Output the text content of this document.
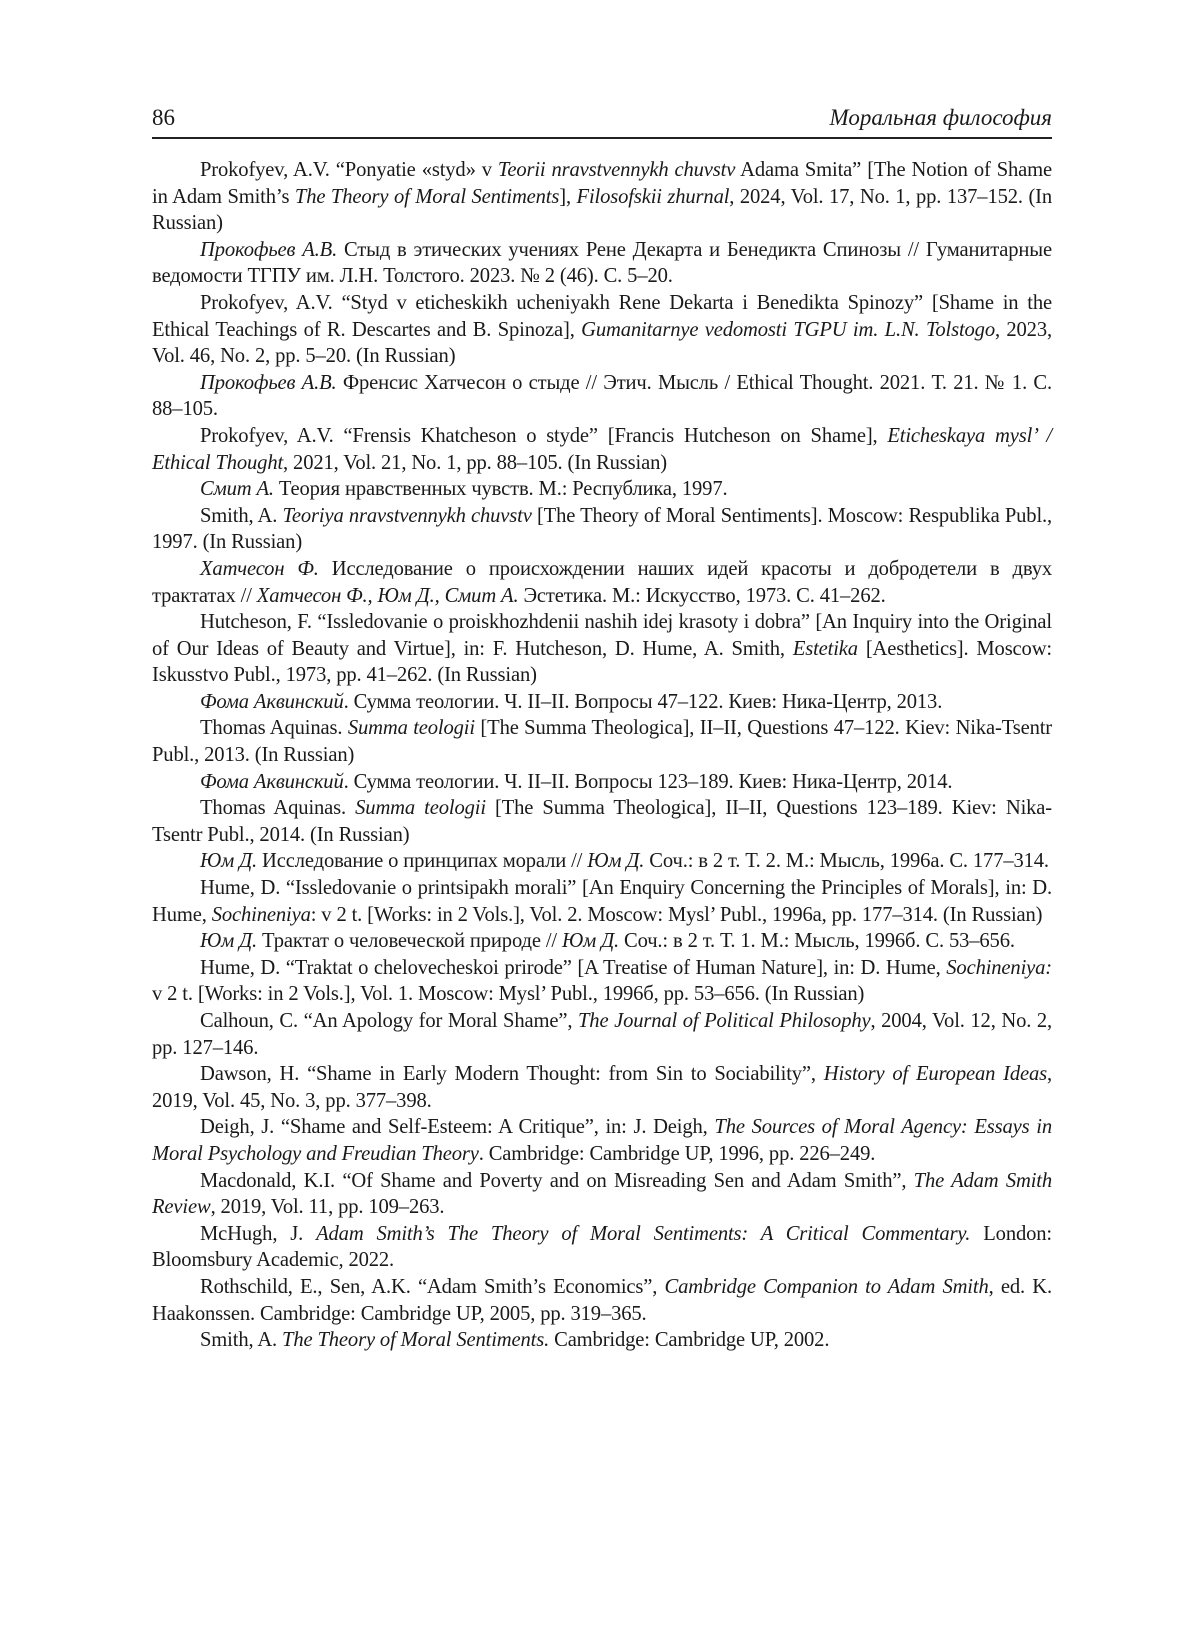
86	Моральная философия

Prokofyev, A.V. “Ponyatie «styd» v Teorii nravstvennykh chuvstv Adama Smita” [The Notion of Shame in Adam Smith’s The Theory of Moral Sentiments], Filosofskii zhurnal, 2024, Vol. 17, No. 1, pp. 137–152. (In Russian)

Прокофьев А.В. Стыд в этических учениях Рене Декарта и Бенедикта Спинозы // Гуманитарные ведомости ТГПУ им. Л.Н. Толстого. 2023. № 2 (46). С. 5–20.

Prokofyev, A.V. “Styd v eticheskikh ucheniyakh Rene Dekarta i Benedikta Spinozy” [Shame in the Ethical Teachings of R. Descartes and B. Spinoza], Gumanitarnye vedomosti TGPU im. L.N. Tolstogo, 2023, Vol. 46, No. 2, pp. 5–20. (In Russian)

Прокофьев А.В. Френсис Хатчесон о стыде // Этич. Мысль / Ethical Thought. 2021. Т. 21. № 1. С. 88–105.

Prokofyev, A.V. “Frensis Khatcheson o styde” [Francis Hutcheson on Shame], Eticheskaya mysl’ / Ethical Thought, 2021, Vol. 21, No. 1, pp. 88–105. (In Russian)

Смит А. Теория нравственных чувств. М.: Республика, 1997.

Smith, A. Teoriya nravstvennykh chuvstv [The Theory of Moral Sentiments]. Moscow: Respublika Publ., 1997. (In Russian)

Хатчесон Ф. Исследование о происхождении наших идей красоты и добродетели в двух трактатах // Хатчесон Ф., Юм Д., Смит А. Эстетика. М.: Искусство, 1973. С. 41–262.

Hutcheson, F. “Issledovanie o proiskhozhdenii nashih idej krasoty i dobra” [An Inquiry into the Original of Our Ideas of Beauty and Virtue], in: F. Hutcheson, D. Hume, A. Smith, Estetika [Aesthetics]. Moscow: Iskusstvo Publ., 1973, pp. 41–262. (In Russian)

Фома Аквинский. Сумма теологии. Ч. II–II. Вопросы 47–122. Киев: Ника-Центр, 2013.

Thomas Aquinas. Summa teologii [The Summa Theologica], II–II, Questions 47–122. Kiev: Nika-Tsentr Publ., 2013. (In Russian)

Фома Аквинский. Сумма теологии. Ч. II–II. Вопросы 123–189. Киев: Ника-Центр, 2014.

Thomas Aquinas. Summa teologii [The Summa Theologica], II–II, Questions 123–189. Kiev: Nika-Tsentr Publ., 2014. (In Russian)

Юм Д. Исследование о принципах морали // Юм Д. Соч.: в 2 т. Т. 2. М.: Мысль, 1996а. С. 177–314.

Hume, D. “Issledovanie o printsipakh morali” [An Enquiry Concerning the Principles of Morals], in: D. Hume, Sochineniya: v 2 t. [Works: in 2 Vols.], Vol. 2. Moscow: Mysl’ Publ., 1996a, pp. 177–314. (In Russian)

Юм Д. Трактат о человеческой природе // Юм Д. Соч.: в 2 т. Т. 1. М.: Мысль, 1996б. С. 53–656.

Hume, D. “Traktat o chelovecheskoi prirode” [A Treatise of Human Nature], in: D. Hume, Sochineniya: v 2 t. [Works: in 2 Vols.], Vol. 1. Moscow: Mysl’ Publ., 1996б, pp. 53–656. (In Russian)

Calhoun, C. “An Apology for Moral Shame”, The Journal of Political Philosophy, 2004, Vol. 12, No. 2, pp. 127–146.

Dawson, H. “Shame in Early Modern Thought: from Sin to Sociability”, History of European Ideas, 2019, Vol. 45, No. 3, pp. 377–398.

Deigh, J. “Shame and Self-Esteem: A Critique”, in: J. Deigh, The Sources of Moral Agency: Essays in Moral Psychology and Freudian Theory. Cambridge: Cambridge UP, 1996, pp. 226–249.

Macdonald, K.I. “Of Shame and Poverty and on Misreading Sen and Adam Smith”, The Adam Smith Review, 2019, Vol. 11, pp. 109–263.

McHugh, J. Adam Smith’s The Theory of Moral Sentiments: A Critical Commentary. London: Bloomsbury Academic, 2022.

Rothschild, E., Sen, A.K. “Adam Smith’s Economics”, Cambridge Companion to Adam Smith, ed. K. Haakonssen. Cambridge: Cambridge UP, 2005, pp. 319–365.

Smith, A. The Theory of Moral Sentiments. Cambridge: Cambridge UP, 2002.
